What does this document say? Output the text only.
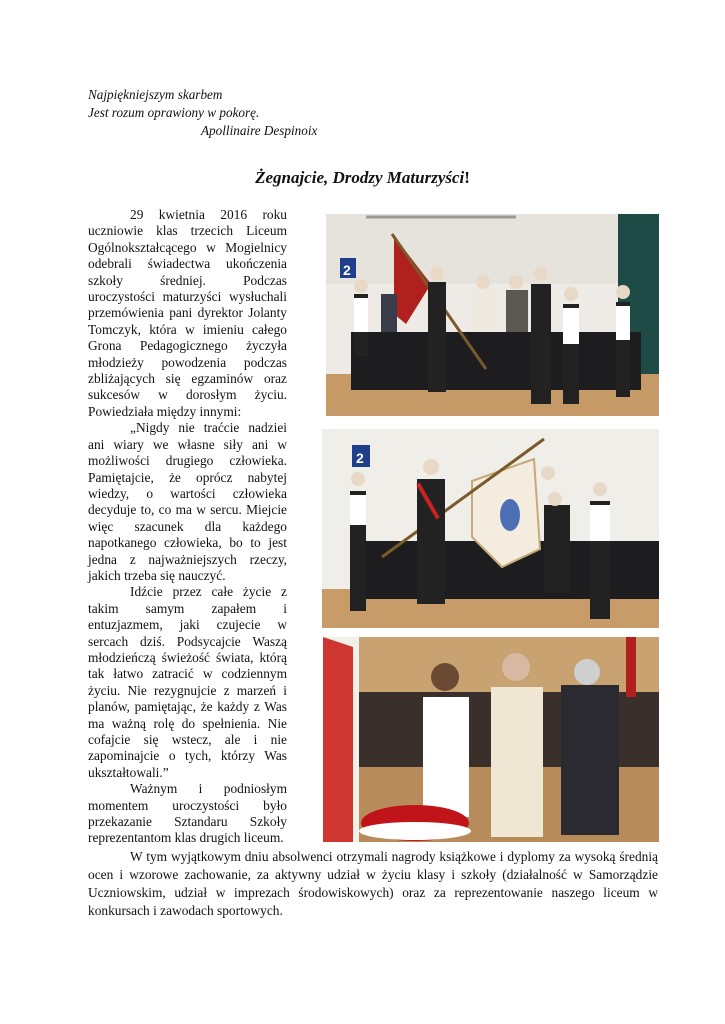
Najpiękniejszym skarbem
Jest rozum oprawiony w pokorę.
Apollinaire Despinoix
Żegnajcie, Drodzy Maturzyści!

29 kwietnia 2016 roku uczniowie klas trzecich Liceum Ogólnokształcącego w Mogielnicy odebrali świadectwa ukończenia szkoły średniej. Podczas uroczystości maturzyści wysłuchali przemówienia pani dyrektor Jolanty Tomczyk, która w imieniu całego Grona Pedagogicznego życzyła młodzieży powodzenia podczas zbliżających się egzaminów oraz sukcesów w dorosłym życiu. Powiedziała między innymi:

„Nigdy nie traćcie nadziei ani wiary we własne siły ani w możliwości drugiego człowieka. Pamiętajcie, że oprócz nabytej wiedzy, o wartości człowieka decyduje to, co ma w sercu. Miejcie więc szacunek dla każdego napotkanego człowieka, bo to jest jedna z najważniejszych rzeczy, jakich trzeba się nauczyć.

Idźcie przez całe życie z takim samym zapałem i entuzjazmem, jaki czujecie w sercach dziś. Podsycajcie Waszą młodzieńczą świeżość świata, którą tak łatwo zatracić w codziennym życiu. Nie rezygnujcie z marzeń i planów, pamiętając, że każdy z Was ma ważną rolę do spełnienia. Nie cofajcie się wstecz, ale i nie zapominajcie o tych, którzy Was ukształtowali.”

Ważnym i podniosłym momentem uroczystości było przekazanie Sztandaru Szkoły reprezentantom klas drugich liceum.

W tym wyjątkowym dniu absolwenci otrzymali nagrody książkowe i dyplomy za wysoką średnią ocen i wzorowe zachowanie, za aktywny udział w życiu klasy i szkoły (działalność w Samorządzie Uczniowskim, udział w imprezach środowiskowych) oraz za reprezentowanie naszego liceum w konkursach i zawodach sportowych.
2
2
